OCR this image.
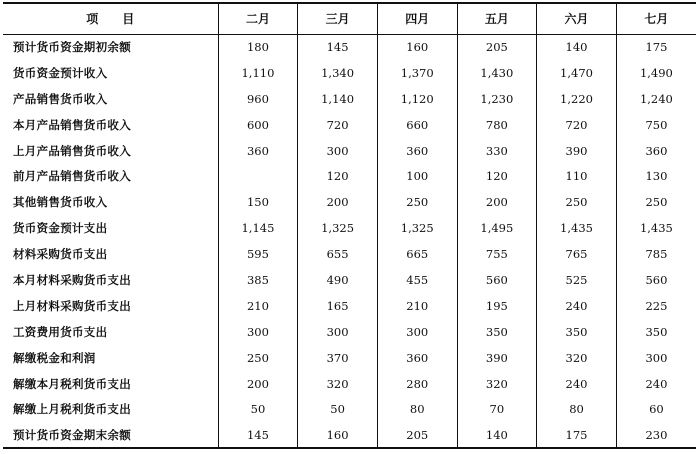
项目	二月	三月	四月	五月	六月	七月
预计货币资金期初余额	180	145	160	205	140	175
货币资金预计收入	1,110	1,340	1,370	1,430	1,470	1,490
产品销售货币收入	960	1,140	1,120	1,230	1,220	1,240
本月产品销售货币收入	600	720	660	780	720	750
上月产品销售货币收入	360	300	360	330	390	360
前月产品销售货币收入		120	100	120	110	130
其他销售货币收入	150	200	250	200	250	250
货币资金预计支出	1,145	1,325	1,325	1,495	1,435	1,435
材料采购货币支出	595	655	665	755	765	785
本月材料采购货币支出	385	490	455	560	525	560
上月材料采购货币支出	210	165	210	195	240	225
工资费用货币支出	300	300	300	350	350	350
解缴税金和利润	250	370	360	390	320	300
解缴本月税利货币支出	200	320	280	320	240	240
解缴上月税利货币支出	50	50	80	70	80	60
预计货币资金期末余额	145	160	205	140	175	230
